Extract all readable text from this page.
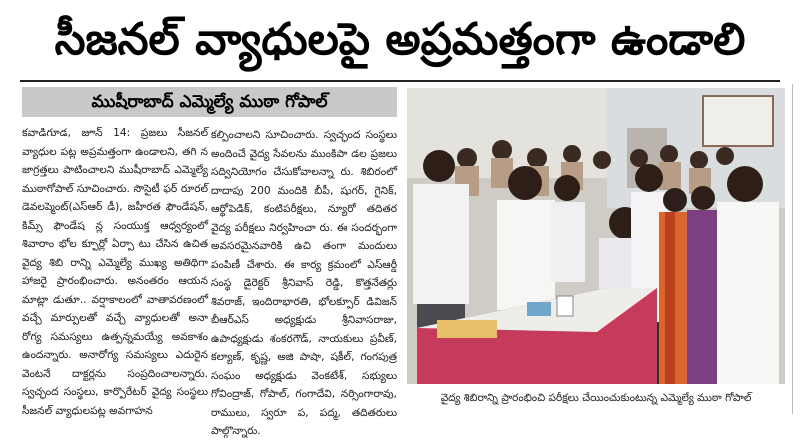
సీజనల్ వ్యాధులపై అప్రమత్తంగా ఉండాలి
ముషీరాబాద్ ఎమ్మెల్యే ముఠా గోపాల్
కవాడిగూడ, జూన్ 14: ప్రజలు సీజనల్ వ్యాధుల పట్ల అప్రమత్తంగా ఉండాలని, తగి న జాగ్రత్తలు పాటించాలని ముషీరాబాద్ ఎమ్మెల్యే ముఠాగోపాల్ సూచించారు. సొసైటీ ఫర్ రూరల్ డెవలప్మెంట్(ఎస్ఆర్ డీ), జహీరత ఫౌండేషన్, కిమ్స్ ఫౌండేష న్ల సంయుక్త ఆధ్వర్యంలో శివారాం భోల క్పూర్లో ఏర్పా టు చేసిన ఉచిత వైద్య శిబి రాన్ని ఎమ్మెల్యే ముఖ్య అతిథిగా హాజరై ప్రారంభించారు. అనంతరం ఆయన మాట్లా డుతూ.. వర్షాకాలంలో వాతావరణంలో వచ్చే మార్పులతో వచ్చే వ్యాధులతో అనా రోగ్య సమస్యలు ఉత్పన్నమయ్యే అవకాశం ఉందన్నారు. అనారోగ్య సమస్యలు ఎదురైన వెంటనే దాక్టర్లను సంప్రదించాలన్నారు. స్వచ్ఛంద సంస్థలు, కార్పొరేటర్ వైద్య సంస్థలు సీజనల్ వ్యాధులపట్ల అవగాహన
కల్పించాలని సూచించారు. స్వచ్ఛంద సంస్థలు అందించే వైద్య సేవలను ముంకిపా డల ప్రజలు సద్వినియోగం చేసుకోవాలన్నా రు. శిబిరంలో దాదాపు 200 మందికి బీపీ, షుగర్, గైనిక్, ఆర్థోపెడిక్, కంటిపరీక్షలు, న్యూరో తదితర వైద్య పరీక్షలు నిర్వహించా రు. ఈ సందర్భంగా అవసరమైనవారికి ఉచి తంగా మందులు పంపిణీ చేశారు. ఈ కార్య క్రమంలో ఎస్ఆర్డీ సంస్థ డైరెక్టర్ శ్రీనివాస్ రెడ్డి, కొత్తనేతర్లు శివరాజ్, ఇందిరాభారతి, భోలక్పూర్ డివిజన్ బీఆర్ఎస్ అధ్యక్షుడు శ్రీనివాసరాజు, ఉపాధ్యక్షుడు శంకరగౌడ్, నాయకులు ప్రవీణ్, కల్యాణ్, కృష్ణ, అజి పాషా, షకీల్, గంగపుత్ర సంఘం అధ్యక్షుడు వెంకటేశ్, సభ్యులు గోవింద్రాజ్, గోపాల్, గంగాదేవి, నర్సింగారావు, రాములు, స్వరూ ప, పద్మ, తదితరులు పాల్గొన్నారు.
వైద్య శిబిరాన్ని ప్రారంభించి పరీక్షలు చేయించుకుంటున్న ఎమ్మెల్యే ముఠా గోపాల్
